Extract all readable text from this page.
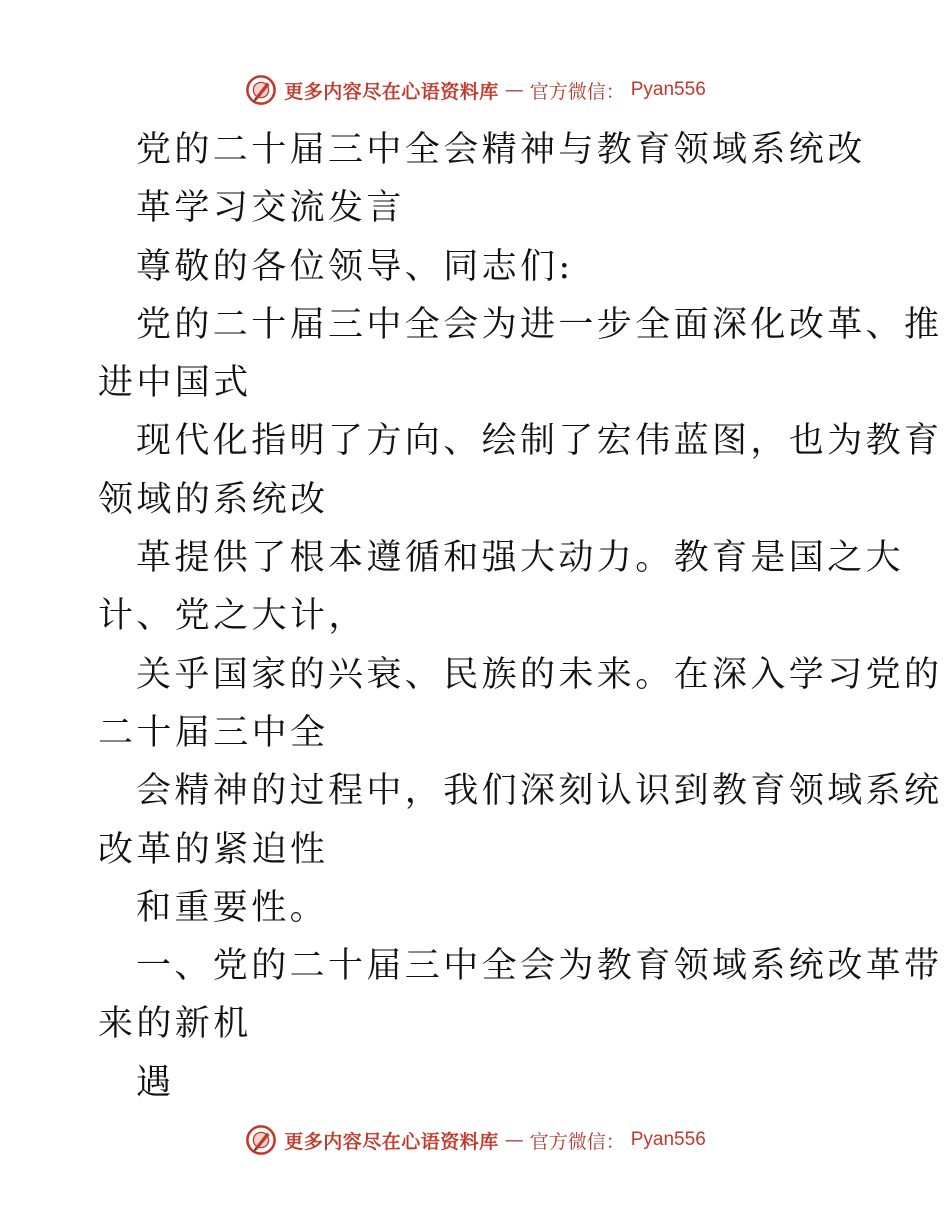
更多内容尽在心语资料库 — 官方微信： Pyan556
党的二十届三中全会精神与教育领域系统改
革学习交流发言
尊敬的各位领导、同志们:
党的二十届三中全会为进一步全面深化改革、推
进中国式
现代化指明了方向、绘制了宏伟蓝图，也为教育
领域的系统改
革提供了根本遵循和强大动力。教育是国之大
计、党之大计，
关乎国家的兴衰、民族的未来。在深入学习党的
二十届三中全
会精神的过程中，我们深刻认识到教育领域系统
改革的紧迫性
和重要性。
一、党的二十届三中全会为教育领域系统改革带
来的新机
遇
更多内容尽在心语资料库 — 官方微信： Pyan556
